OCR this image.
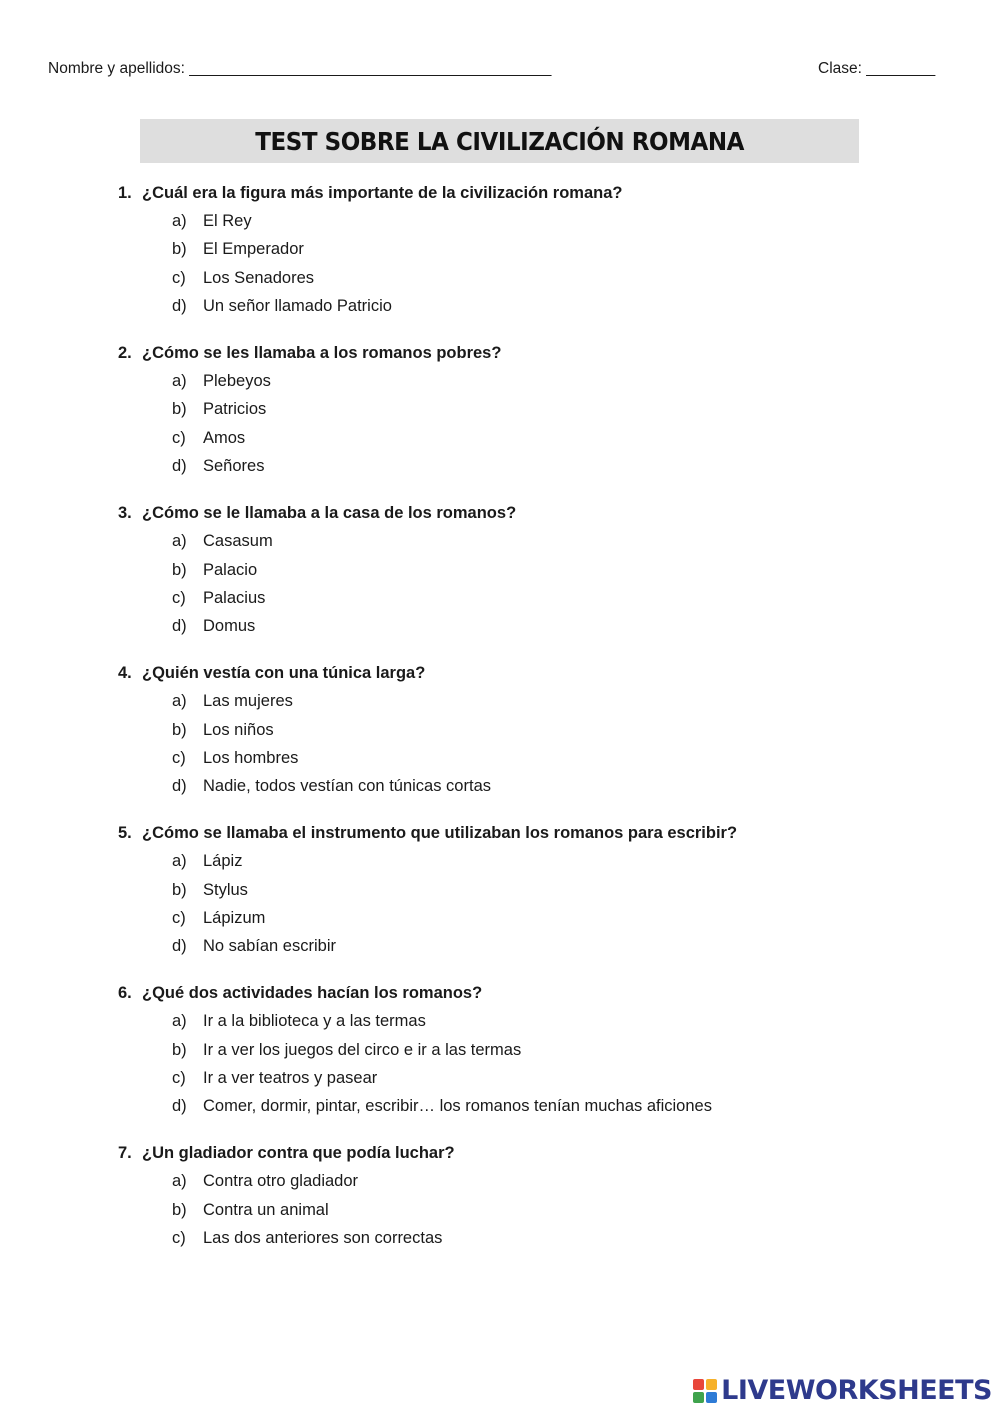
Nombre y apellidos: __________________________________________	Clase: ________
TEST SOBRE LA CIVILIZACIÓN ROMANA
1. ¿Cuál era la figura más importante de la civilización romana?
a) El Rey
b) El Emperador
c) Los Senadores
d) Un señor llamado Patricio
2. ¿Cómo se les llamaba a los romanos pobres?
a) Plebeyos
b) Patricios
c) Amos
d) Señores
3. ¿Cómo se le llamaba a la casa de los romanos?
a) Casasum
b) Palacio
c) Palacius
d) Domus
4. ¿Quién vestía con una túnica larga?
a) Las mujeres
b) Los niños
c) Los hombres
d) Nadie, todos vestían con túnicas cortas
5. ¿Cómo se llamaba el instrumento que utilizaban los romanos para escribir?
a) Lápiz
b) Stylus
c) Lápizum
d) No sabían escribir
6. ¿Qué dos actividades hacían los romanos?
a) Ir a la biblioteca y a las termas
b) Ir a ver los juegos del circo e ir a las termas
c) Ir a ver teatros y pasear
d) Comer, dormir, pintar, escribir… los romanos tenían muchas aficiones
7. ¿Un gladiador contra que podía luchar?
a) Contra otro gladiador
b) Contra un animal
c) Las dos anteriores son correctas
LIVEWORKSHEETS
